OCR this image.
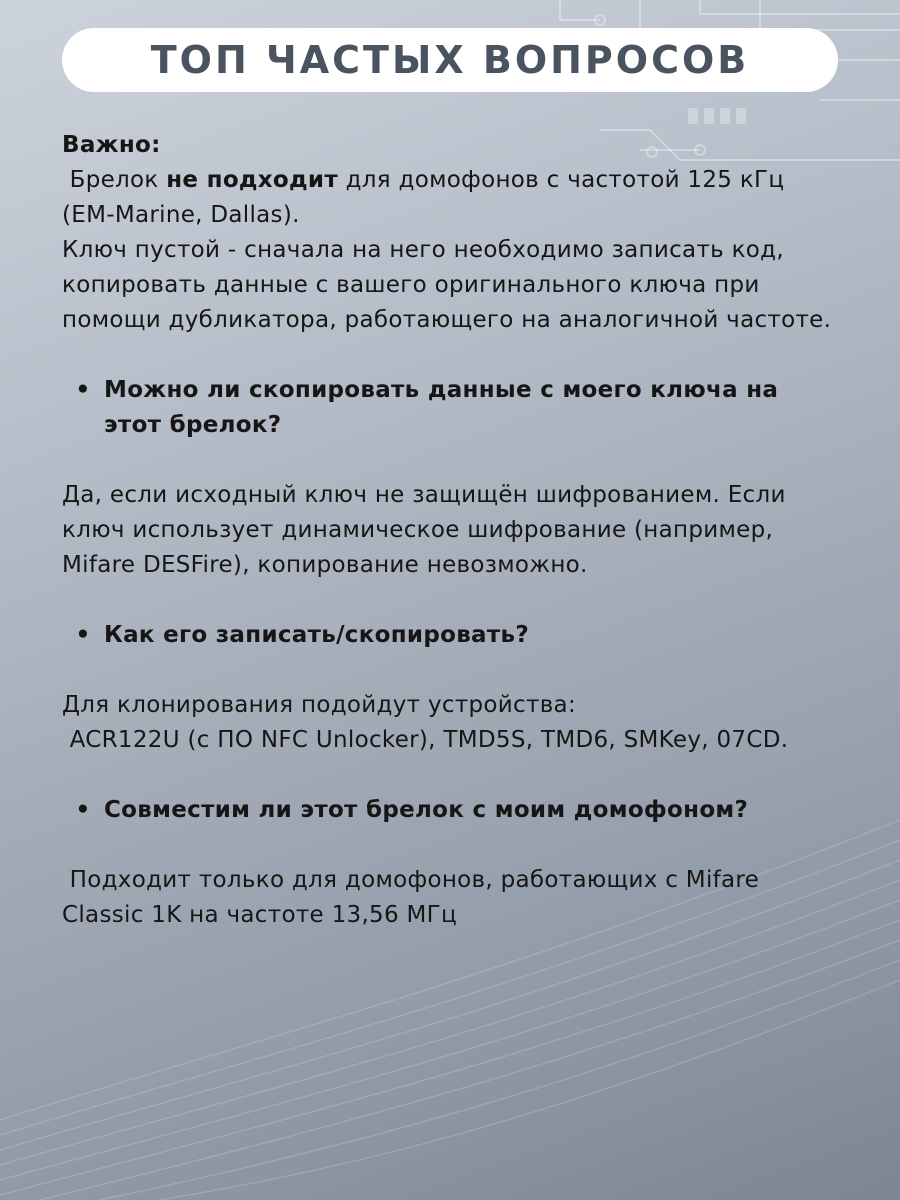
ТОП ЧАСТЫХ ВОПРОСОВ

Важно:

Брелок не подходит для домофонов с частотой 125 кГц (EM-Marine, Dallas).

Ключ пустой - сначала на него необходимо записать код, копировать данные с вашего оригинального ключа при помощи дубликатора, работающего на аналогичной частоте.

• Можно ли скопировать данные с моего ключа на этот брелок?

Да, если исходный ключ не защищён шифрованием. Если ключ использует динамическое шифрование (например, Mifare DESFire), копирование невозможно.

• Как его записать/скопировать?

Для клонирования подойдут устройства:

ACR122U (с ПО NFC Unlocker), TMD5S, TMD6, SMKey, 07CD.

• Совместим ли этот брелок с моим домофоном?

Подходит только для домофонов, работающих с Mifare Classic 1K на частоте 13,56 МГц
